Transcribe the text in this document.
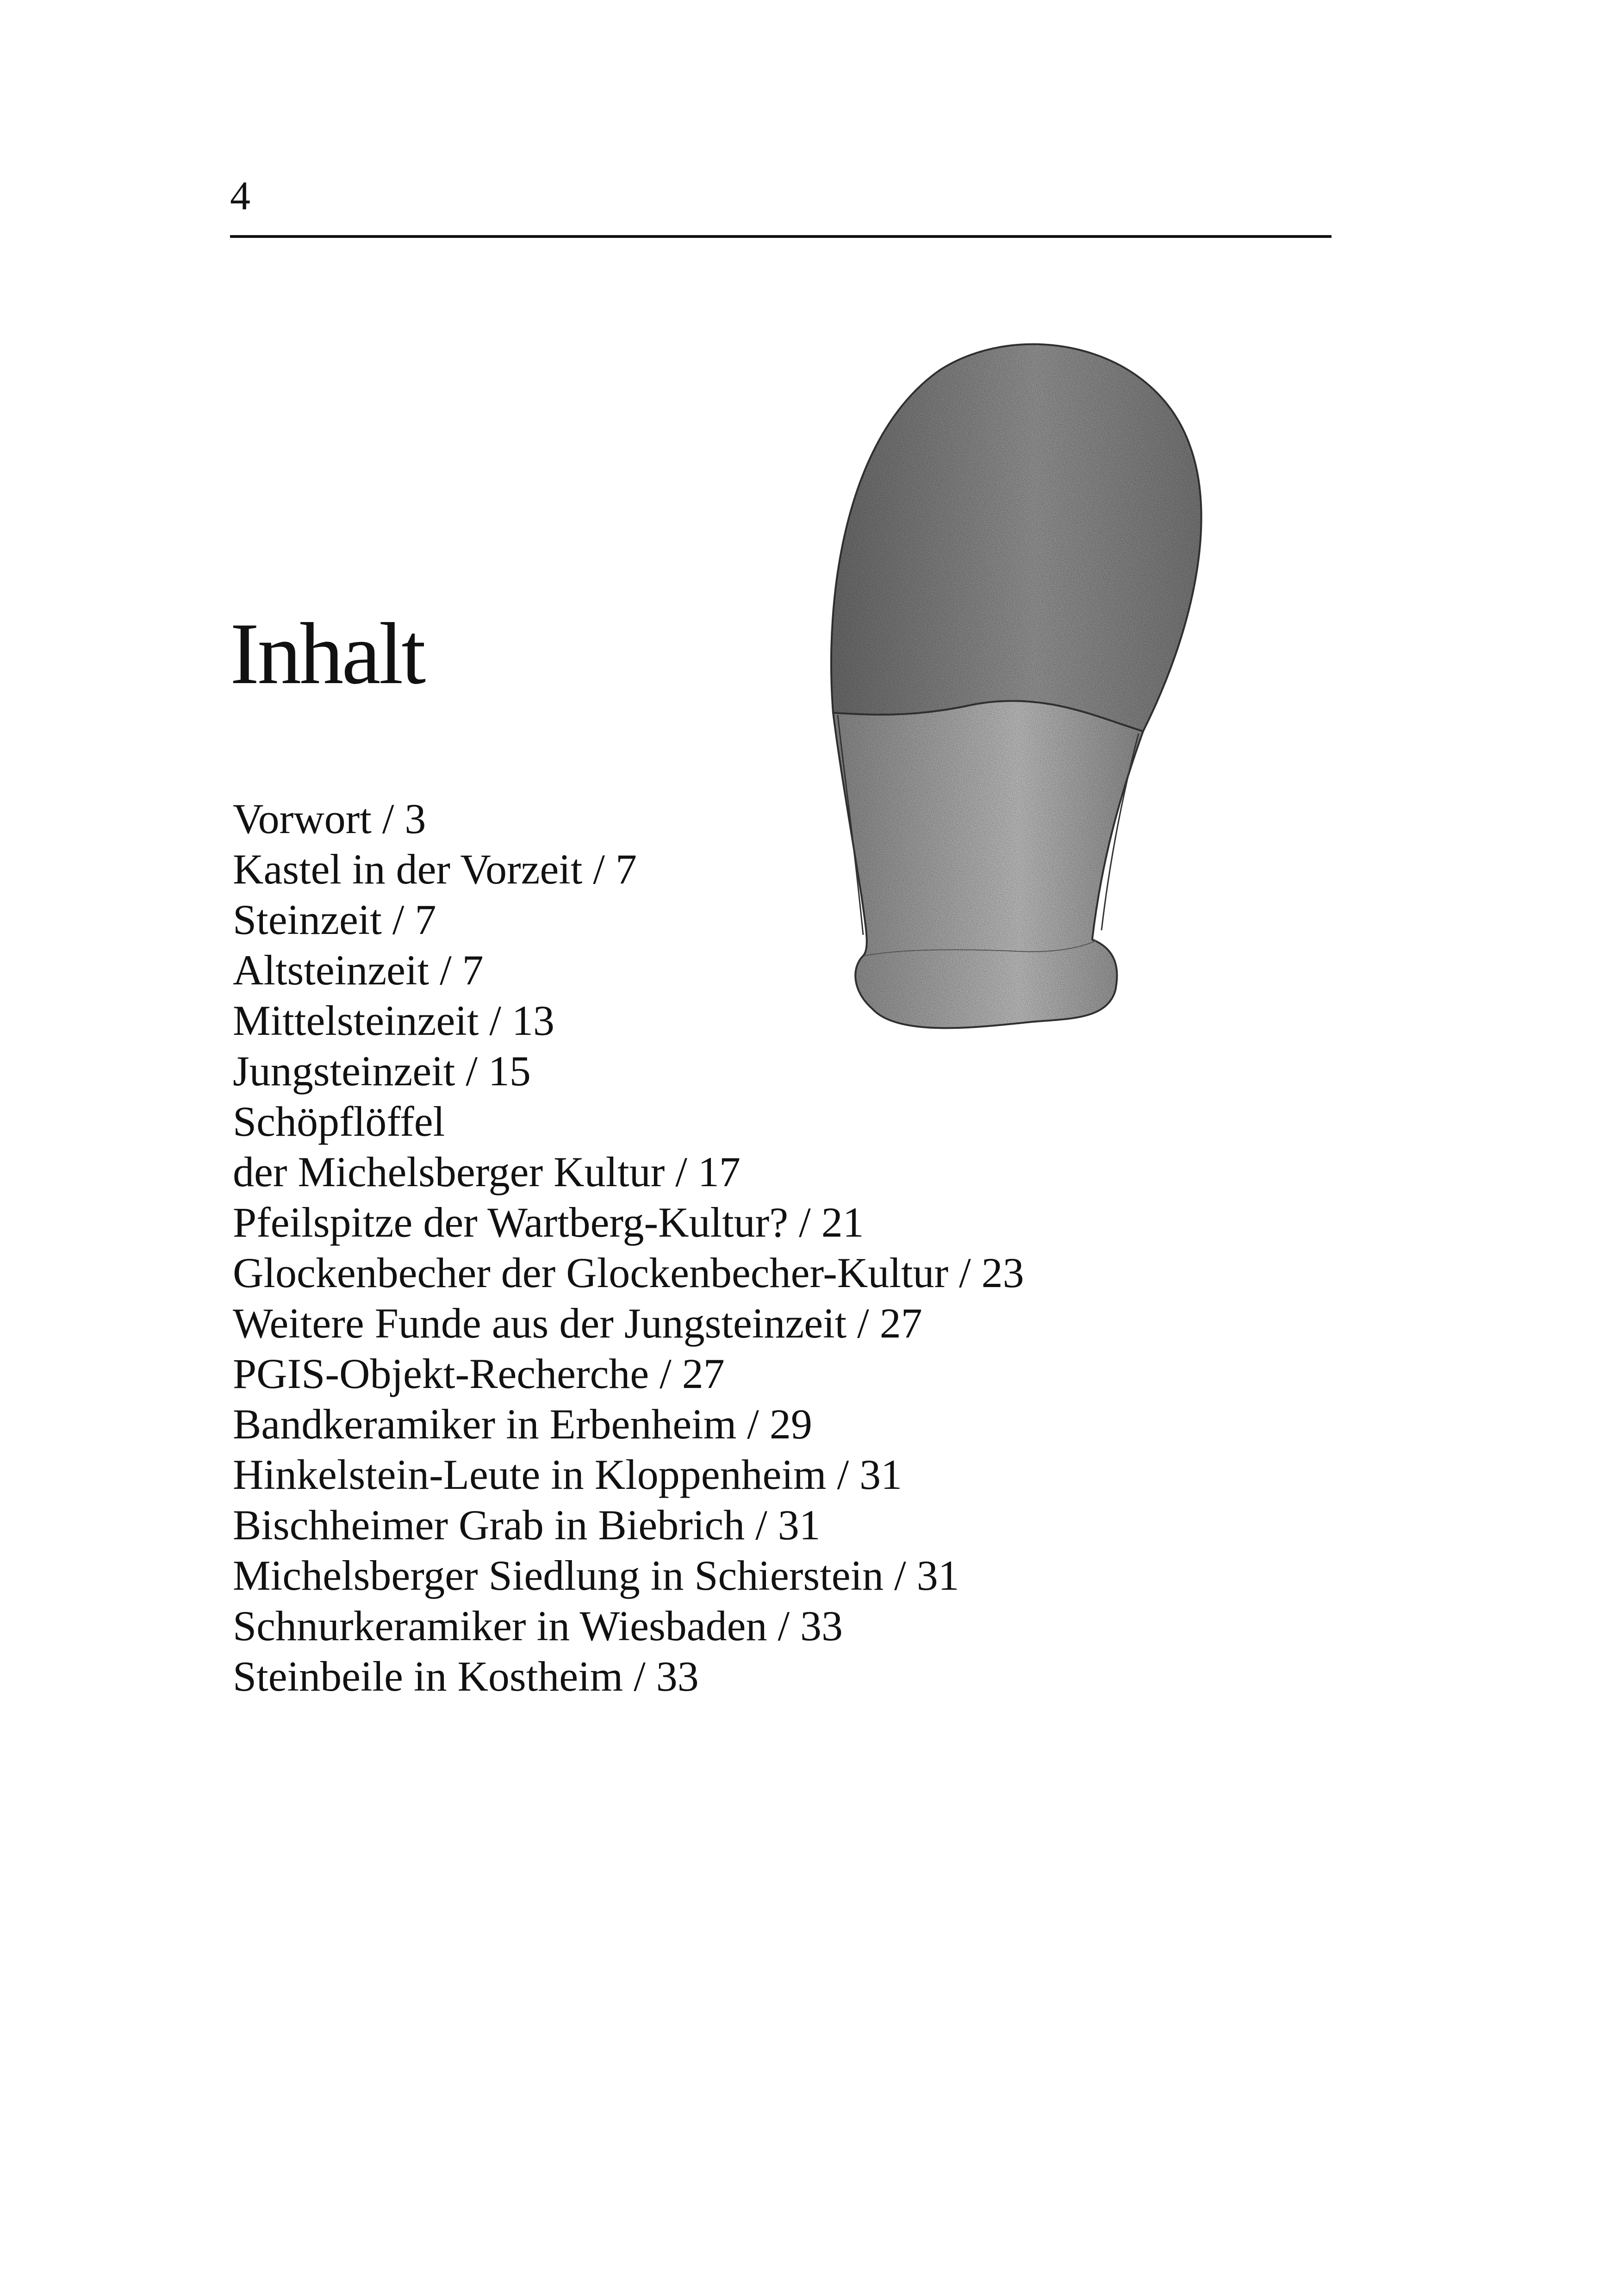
4
Inhalt
Vorwort / 3
Kastel in der Vorzeit / 7
Steinzeit / 7
Altsteinzeit / 7
Mittelsteinzeit / 13
Jungsteinzeit / 15
Schöpflöffel
der Michelsberger Kultur / 17
Pfeilspitze der Wartberg-Kultur? / 21
Glockenbecher der Glockenbecher-Kultur / 23
Weitere Funde aus der Jungsteinzeit / 27
PGIS-Objekt-Recherche / 27
Bandkeramiker in Erbenheim / 29
Hinkelstein-Leute in Kloppenheim / 31
Bischheimer Grab in Biebrich / 31
Michelsberger Siedlung in Schierstein / 31
Schnurkeramiker in Wiesbaden / 33
Steinbeile in Kostheim / 33
